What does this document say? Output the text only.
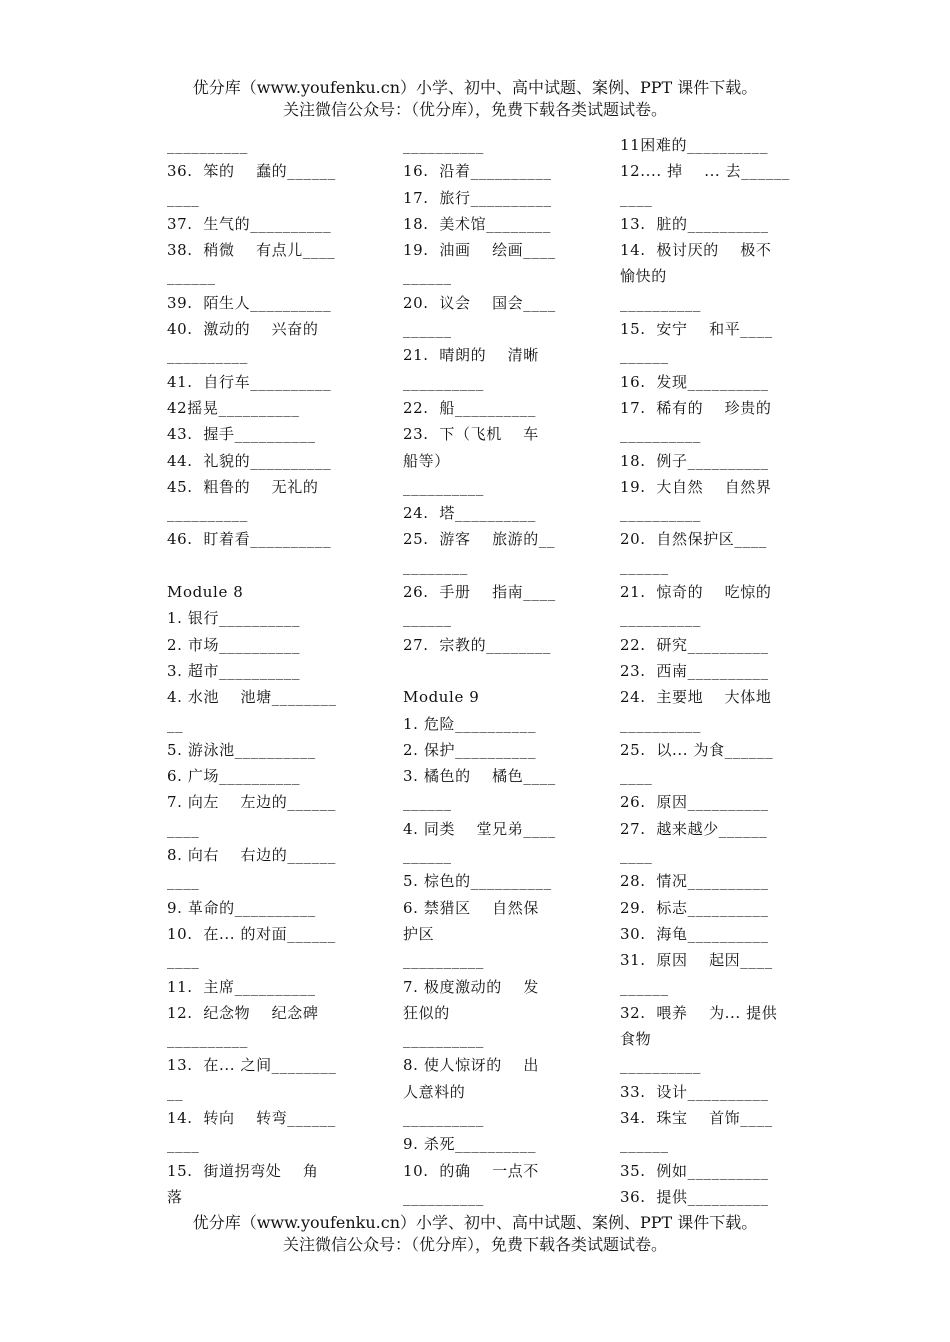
优分库（www.youfenku.cn）小学、初中、高中试题、案例、PPT 课件下载。
关注微信公众号：（优分库），免费下载各类试题试卷。
__________
36.  笨的    蠢的______
____
37.  生气的__________
38.  稍微    有点儿____
______
39.  陌生人__________
40.  激动的    兴奋的
__________
41.  自行车__________
42摇晃__________
43.  握手__________
44.  礼貌的__________
45.  粗鲁的    无礼的
__________
46.  盯着看__________
Module 8
1. 银行__________
2. 市场__________
3. 超市__________
4. 水池    池塘________
__
5. 游泳池__________
6. 广场__________
7. 向左    左边的______
____
8. 向右    右边的______
____
9. 革命的__________
10.  在... 的对面______
____
11.  主席__________
12.  纪念物    纪念碑
__________
13.  在... 之间________
__
14.  转向    转弯______
____
15.  街道拐弯处    角
落
__________
16.  沿着__________
17.  旅行__________
18.  美术馆________
19.  油画    绘画____
______
20.  议会    国会____
______
21.  晴朗的    清晰
__________
22.  船__________
23.  下（飞机    车
船等）
__________
24.  塔__________
25.  游客    旅游的__
________
26.  手册    指南____
______
27.  宗教的________
Module 9
1. 危险__________
2. 保护__________
3. 橘色的    橘色____
______
4. 同类    堂兄弟____
______
5. 棕色的__________
6. 禁猎区    自然保
护区
__________
7. 极度激动的    发
狂似的
__________
8. 使人惊讶的    出
人意料的
__________
9. 杀死__________
10.  的确    一点不
__________
11困难的__________
12.... 掉    ... 去______
____
13.  脏的__________
14.  极讨厌的    极不
愉快的
__________
15.  安宁    和平____
______
16.  发现__________
17.  稀有的    珍贵的
__________
18.  例子__________
19.  大自然    自然界
__________
20.  自然保护区____
______
21.  惊奇的    吃惊的
__________
22.  研究__________
23.  西南__________
24.  主要地    大体地
__________
25.  以... 为食______
____
26.  原因__________
27.  越来越少______
____
28.  情况__________
29.  标志__________
30.  海龟__________
31.  原因    起因____
______
32.  喂养    为... 提供
食物
__________
33.  设计__________
34.  珠宝    首饰____
______
35.  例如__________
36.  提供__________
优分库（www.youfenku.cn）小学、初中、高中试题、案例、PPT 课件下载。
关注微信公众号：（优分库），免费下载各类试题试卷。
